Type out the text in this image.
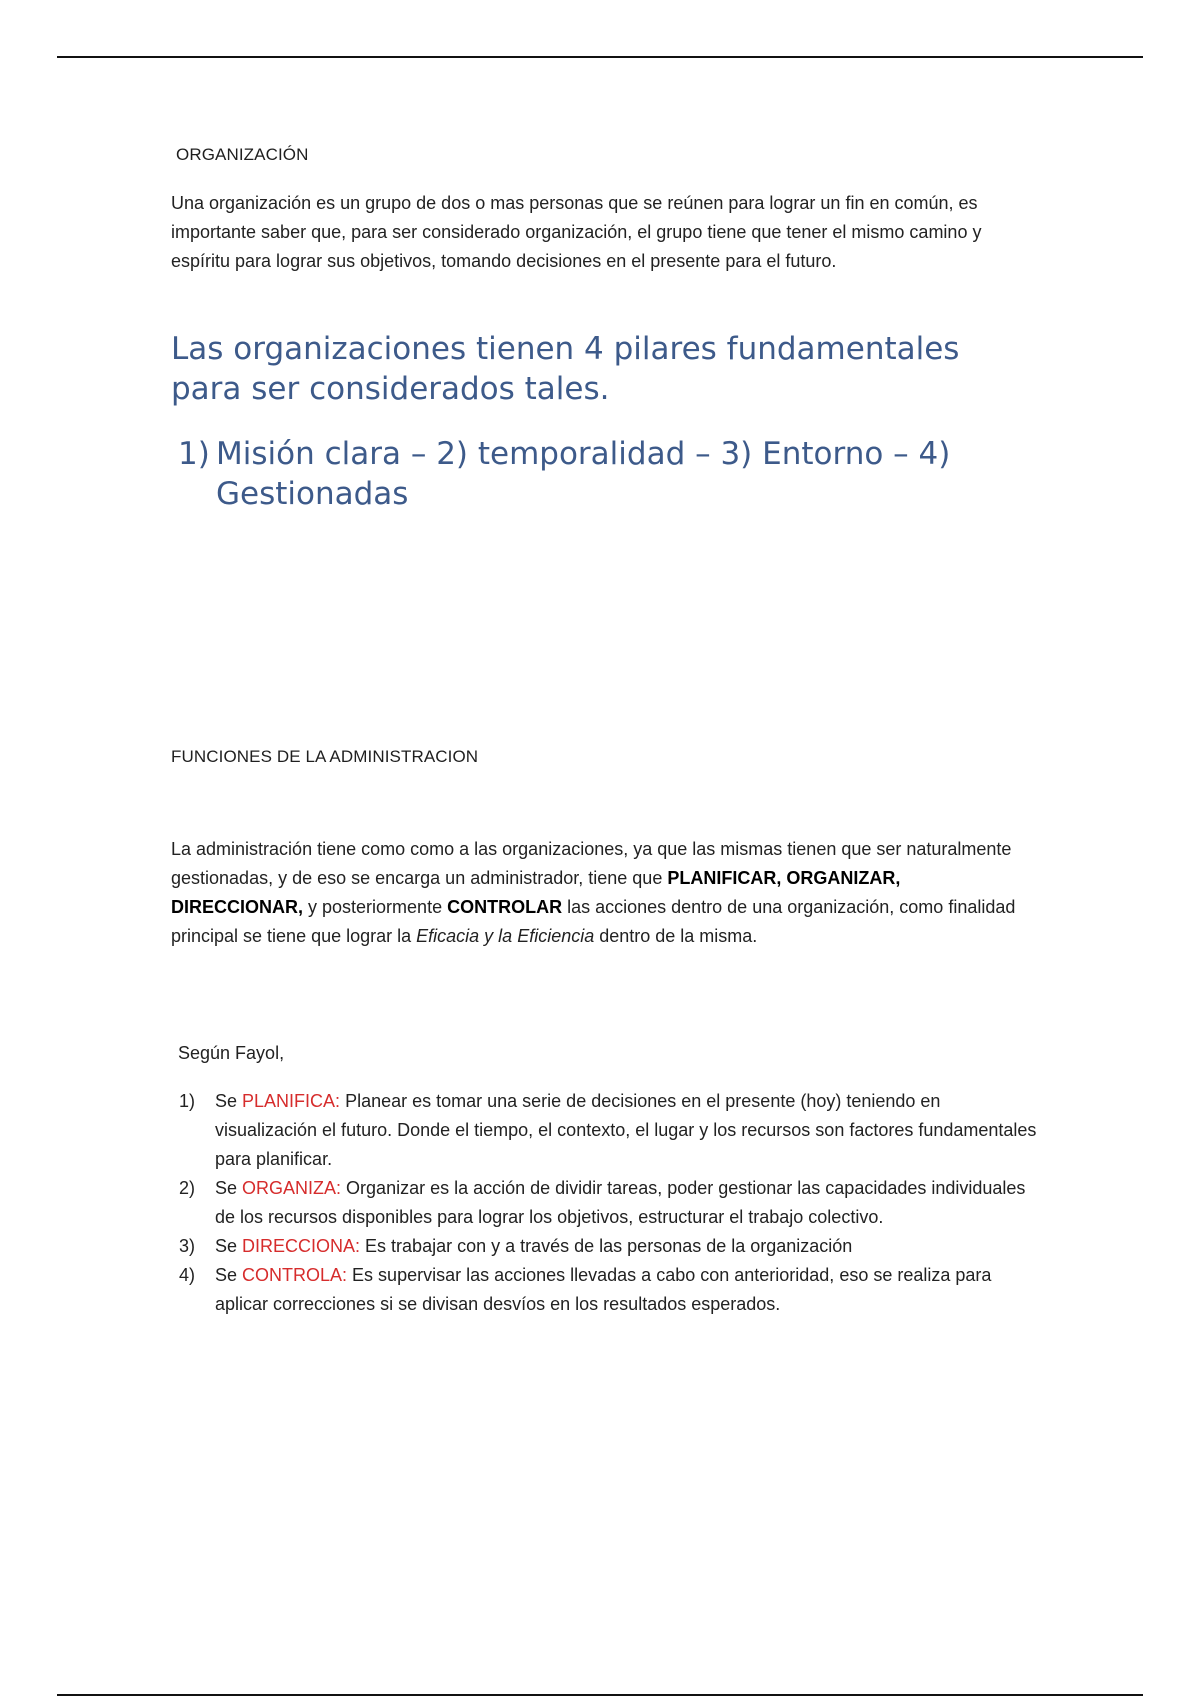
ORGANIZACIÓN
Una organización es un grupo de dos o mas personas que se reúnen para lograr un fin en común, es importante saber que, para ser considerado organización, el grupo tiene que tener el mismo camino y espíritu para lograr sus objetivos, tomando decisiones en el presente para el futuro.
Las organizaciones tienen 4 pilares fundamentales para ser considerados tales.
1) Misión clara – 2) temporalidad – 3) Entorno – 4) Gestionadas
FUNCIONES DE LA ADMINISTRACION
La administración tiene como como a las organizaciones, ya que las mismas tienen que ser naturalmente gestionadas, y de eso se encarga un administrador, tiene que PLANIFICAR, ORGANIZAR, DIRECCIONAR, y posteriormente CONTROLAR las acciones dentro de una organización, como finalidad principal se tiene que lograr la Eficacia y la Eficiencia dentro de la misma.
Según Fayol,
1) Se PLANIFICA: Planear es tomar una serie de decisiones en el presente (hoy) teniendo en visualización el futuro. Donde el tiempo, el contexto, el lugar y los recursos son factores fundamentales para planificar.
2) Se ORGANIZA: Organizar es la acción de dividir tareas, poder gestionar las capacidades individuales de los recursos disponibles para lograr los objetivos, estructurar el trabajo colectivo.
3) Se DIRECCIONA: Es trabajar con y a través de las personas de la organización
4) Se CONTROLA: Es supervisar las acciones llevadas a cabo con anterioridad, eso se realiza para aplicar correcciones si se divisan desvíos en los resultados esperados.
